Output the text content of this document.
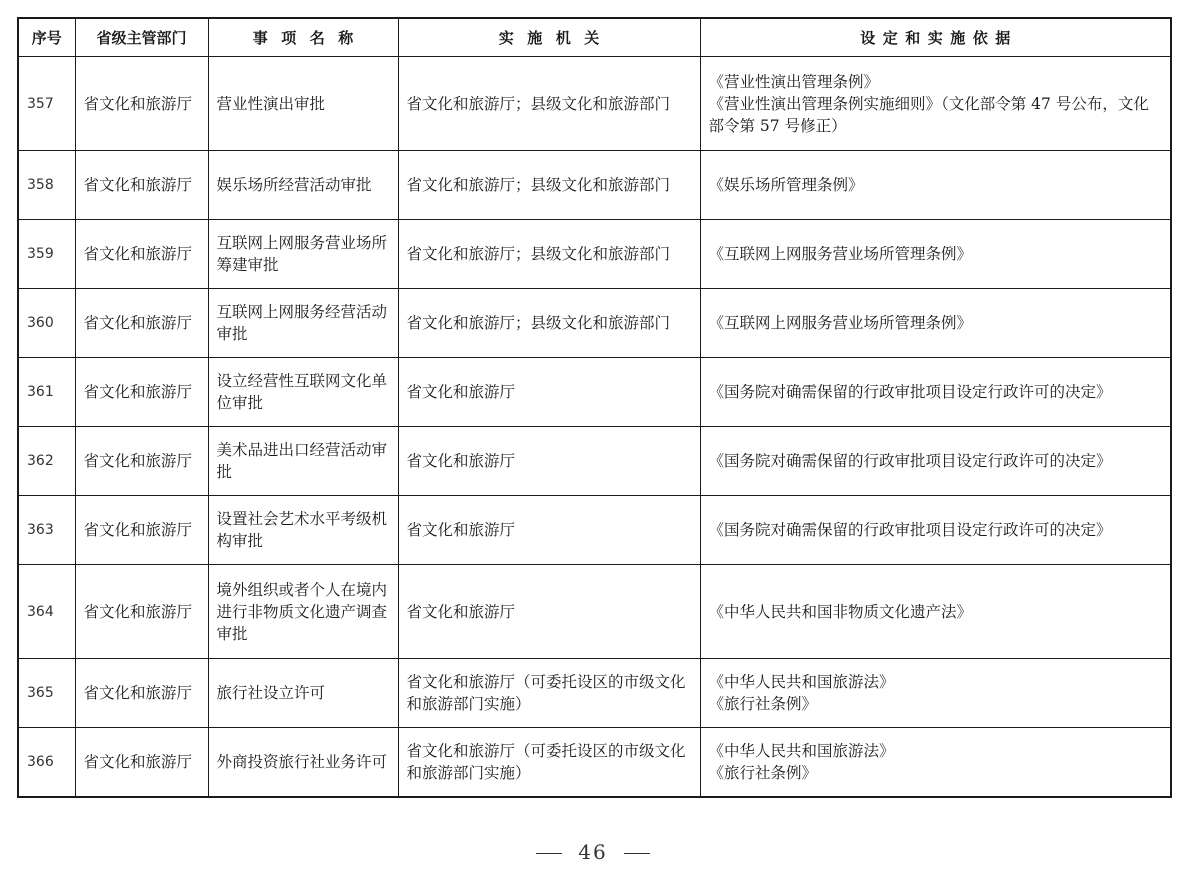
序号	省级主管部门	事项名称	实施机关	设定和实施依据
357	省文化和旅游厅	营业性演出审批	省文化和旅游厅；县级文化和旅游部门	《营业性演出管理条例》
《营业性演出管理条例实施细则》（文化部令第 47 号公布，文化部令第 57 号修正）

358	省文化和旅游厅	娱乐场所经营活动审批	省文化和旅游厅；县级文化和旅游部门	《娱乐场所管理条例》

359	省文化和旅游厅	互联网上网服务营业场所筹建审批	省文化和旅游厅；县级文化和旅游部门	《互联网上网服务营业场所管理条例》

360	省文化和旅游厅	互联网上网服务经营活动审批	省文化和旅游厅；县级文化和旅游部门	《互联网上网服务营业场所管理条例》

361	省文化和旅游厅	设立经营性互联网文化单位审批	省文化和旅游厅	《国务院对确需保留的行政审批项目设定行政许可的决定》

362	省文化和旅游厅	美术品进出口经营活动审批	省文化和旅游厅	《国务院对确需保留的行政审批项目设定行政许可的决定》

363	省文化和旅游厅	设置社会艺术水平考级机构审批	省文化和旅游厅	《国务院对确需保留的行政审批项目设定行政许可的决定》

364	省文化和旅游厅	境外组织或者个人在境内进行非物质文化遗产调查审批	省文化和旅游厅	《中华人民共和国非物质文化遗产法》

365	省文化和旅游厅	旅行社设立许可	省文化和旅游厅（可委托设区的市级文化和旅游部门实施）	《中华人民共和国旅游法》
《旅行社条例》

366	省文化和旅游厅	外商投资旅行社业务许可	省文化和旅游厅（可委托设区的市级文化和旅游部门实施）	《中华人民共和国旅游法》
《旅行社条例》
46
